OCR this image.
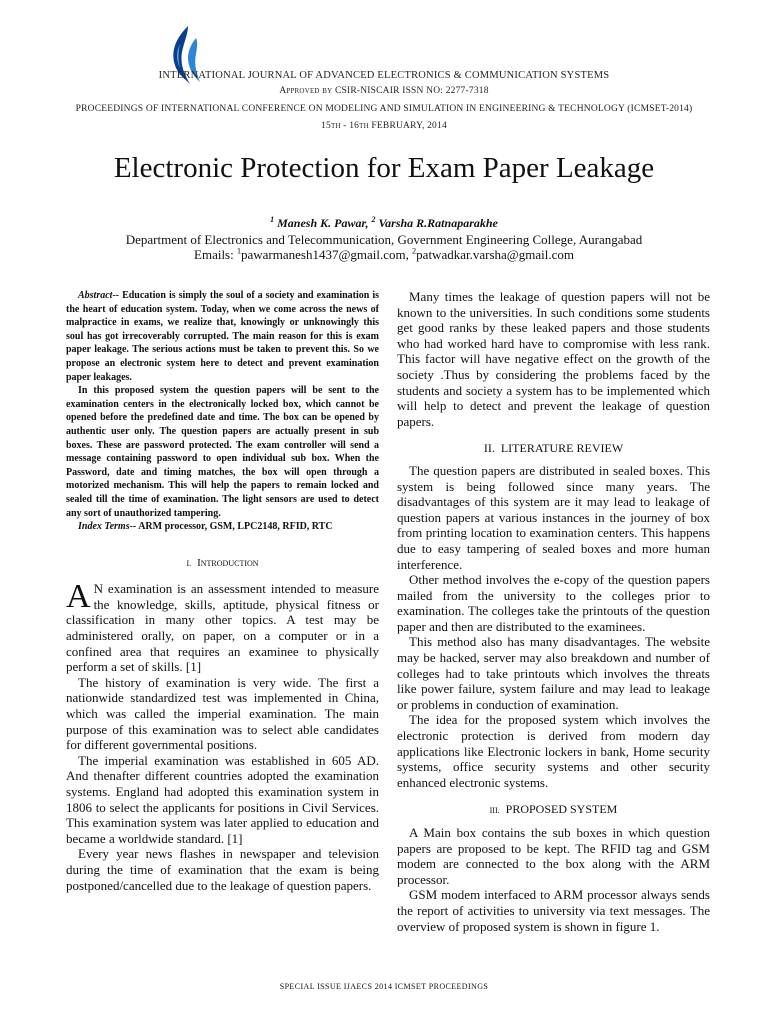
INTERNATIONAL JOURNAL OF ADVANCED ELECTRONICS & COMMUNICATION SYSTEMS
Approved by CSIR-NISCAIR ISSN NO: 2277-7318
PROCEEDINGS OF INTERNATIONAL CONFERENCE ON MODELING AND SIMULATION IN ENGINEERING & TECHNOLOGY (ICMSET-2014)
15th - 16th FEBRUARY, 2014
Electronic Protection for Exam Paper Leakage
$^1$ Manesh K. Pawar, $^2$ Varsha R.Ratnaparakhe
Department of Electronics and Telecommunication, Government Engineering College, Aurangabad
Emails: $^1$pawarmanesh1437@gmail.com, $^2$patwadkar.varsha@gmail.com

Abstract-- Education is simply the soul of a society and examination is the heart of education system. Today, when we come across the news of malpractice in exams, we realize that, knowingly or unknowingly this soul has got irrecoverably corrupted. The main reason for this is exam paper leakage. The serious actions must be taken to prevent this. So we propose an electronic system here to detect and prevent examination paper leakages.

In this proposed system the question papers will be sent to the examination centers in the electronically locked box, which cannot be opened before the predefined date and time. The box can be opened by authentic user only. The question papers are actually present in sub boxes. These are password protected. The exam controller will send a message containing password to open individual sub box. When the Password, date and timing matches, the box will open through a motorized mechanism. This will help the papers to remain locked and sealed till the time of examination. The light sensors are used to detect any sort of unauthorized tampering.

Index Terms-- ARM processor, GSM, LPC2148, RFID, RTC

I. Introduction

A N examination is an assessment intended to measure the knowledge, skills, aptitude, physical fitness or classification in many other topics. A test may be administered orally, on paper, on a computer or in a confined area that requires an examinee to physically perform a set of skills. [1]

The history of examination is very wide. The first a nationwide standardized test was implemented in China, which was called the imperial examination. The main purpose of this examination was to select able candidates for different governmental positions.

The imperial examination was established in 605 AD. And thenafter different countries adopted the examination systems. England had adopted this examination system in 1806 to select the applicants for positions in Civil Services. This examination system was later applied to education and became a worldwide standard. [1]

Every year news flashes in newspaper and television during the time of examination that the exam is being postponed/cancelled due to the leakage of question papers.

Many times the leakage of question papers will not be known to the universities. In such conditions some students get good ranks by these leaked papers and those students who had worked hard have to compromise with less rank. This factor will have negative effect on the growth of the society .Thus by considering the problems faced by the students and society a system has to be implemented which will help to detect and prevent the leakage of question papers.

II. LITERATURE REVIEW

The question papers are distributed in sealed boxes. This system is being followed since many years. The disadvantages of this system are it may lead to leakage of question papers at various instances in the journey of box from printing location to examination centers. This happens due to easy tampering of sealed boxes and more human interference.

Other method involves the e-copy of the question papers mailed from the university to the colleges prior to examination. The colleges take the printouts of the question paper and then are distributed to the examinees.

This method also has many disadvantages. The website may be hacked, server may also breakdown and number of colleges had to take printouts which involves the threats like power failure, system failure and may lead to leakage or problems in conduction of examination.

The idea for the proposed system which involves the electronic protection is derived from modern day applications like Electronic lockers in bank, Home security systems, office security systems and other security enhanced electronic systems.

III. PROPOSED SYSTEM

A Main box contains the sub boxes in which question papers are proposed to be kept. The RFID tag and GSM modem are connected to the box along with the ARM processor.

GSM modem interfaced to ARM processor always sends the report of activities to university via text messages. The overview of proposed system is shown in figure 1.

SPECIAL ISSUE IJAECS 2014 ICMSET PROCEEDINGS
